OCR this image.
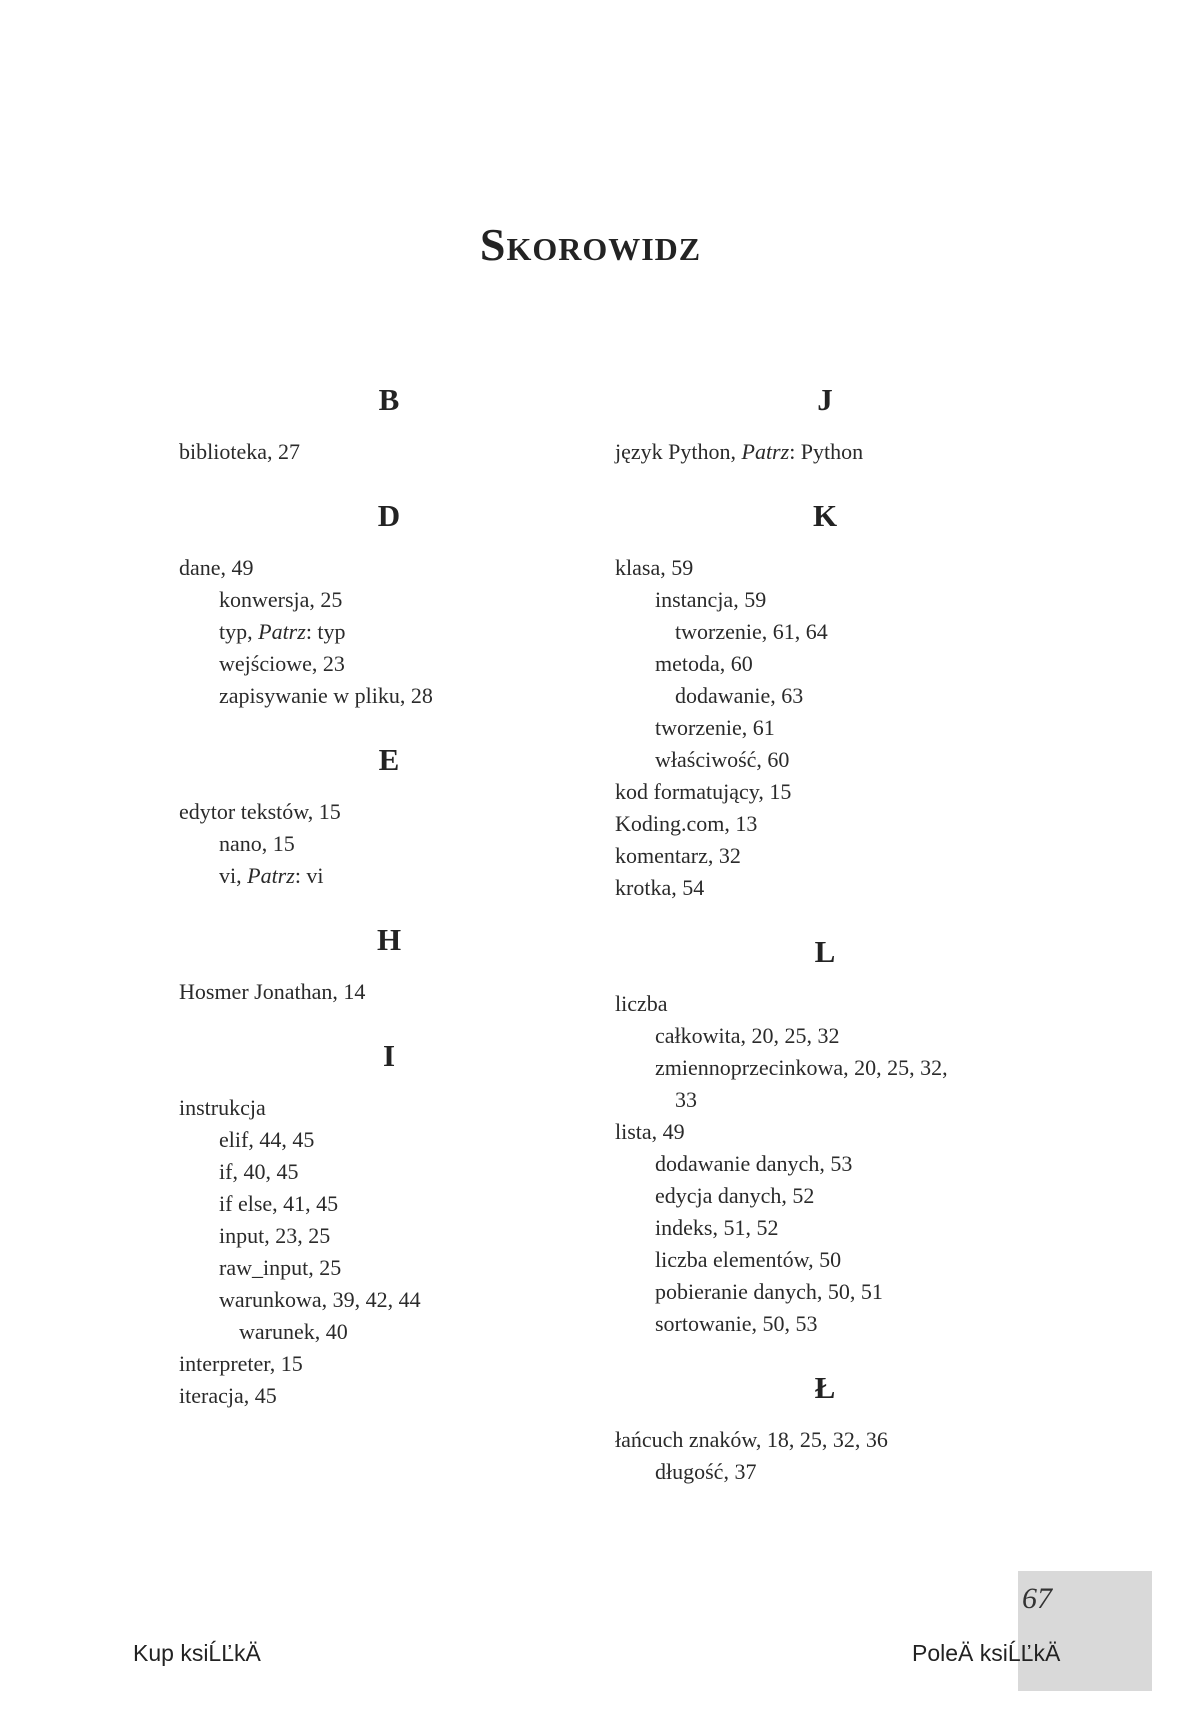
Skorowidz
B
biblioteka, 27
D
dane, 49
konwersja, 25
typ, Patrz: typ
wejściowe, 23
zapisywanie w pliku, 28
E
edytor tekstów, 15
nano, 15
vi, Patrz: vi
H
Hosmer Jonathan, 14
I
instrukcja
elif, 44, 45
if, 40, 45
if else, 41, 45
input, 23, 25
raw_input, 25
warunkowa, 39, 42, 44
warunek, 40
interpreter, 15
iteracja, 45
J
język Python, Patrz: Python
K
klasa, 59
instancja, 59
tworzenie, 61, 64
metoda, 60
dodawanie, 63
tworzenie, 61
właściwość, 60
kod formatujący, 15
Koding.com, 13
komentarz, 32
krotka, 54
L
liczba
całkowita, 20, 25, 32
zmiennoprzecinkowa, 20, 25, 32,
33
lista, 49
dodawanie danych, 53
edycja danych, 52
indeks, 51, 52
liczba elementów, 50
pobieranie danych, 50, 51
sortowanie, 50, 53
Ł
łańcuch znaków, 18, 25, 32, 36
długość, 37
67
Kup ksiĹĽkÄ	PoleÄ ksiĹĽkÄ
